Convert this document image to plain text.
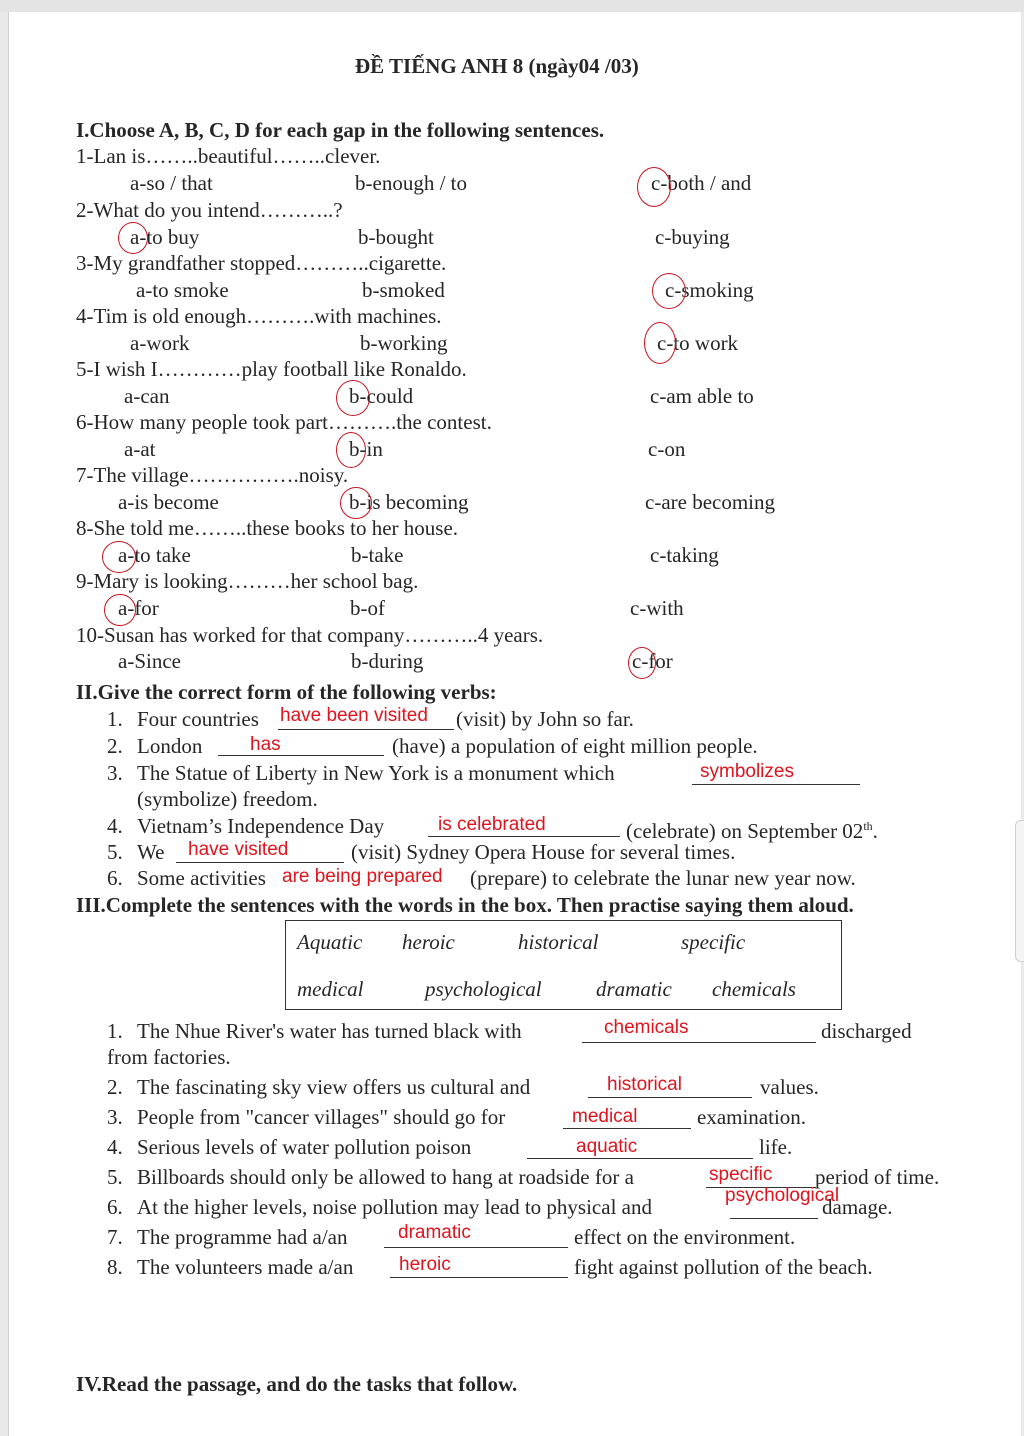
ĐỀ TIẾNG ANH 8 (ngày04 /03)
I.Choose A, B, C, D for each gap in the following sentences.
1-Lan is……..beautiful……..clever.
a-so / that	b-enough / to	c-both / and
2-What do you intend………..?
a-to buy	b-bought	c-buying
3-My grandfather stopped………..cigarette.
a-to smoke	b-smoked	c-smoking
4-Tim is old enough……….with machines.
a-work	b-working	c-to work
5-I wish I…………play football like Ronaldo.
a-can	b-could	c-am able to
6-How many people took part……….the contest.
a-at	b-in	c-on
7-The village…………….noisy.
a-is become	b-is becoming	c-are becoming
8-She told me……..these books to her house.
a-to take	b-take	c-taking
9-Mary is looking………her school bag.
a-for	b-of	c-with
10-Susan has worked for that company………..4 years.
a-Since	b-during	c-for
II.Give the correct form of the following verbs:
1. Four countries have been visited (visit) by John so far.
2. London	has	(have) a population of eight million people.
3. The Statue of Liberty in New York is a monument which	symbolizes
(symbolize) freedom.
4. Vietnam’s Independence Day	is celebrated	(celebrate) on September 02th.
5. We have visited	(visit) Sydney Opera House for several times.
6. Some activities are being prepared (prepare) to celebrate the lunar new year now.
III.Complete the sentences with the words in the box. Then practise saying them aloud.
Aquatic heroic	historical	specific
medical	psychological	dramatic chemicals
1. The Nhue River's water has turned black with	chemicals	discharged
from factories.
2. The fascinating sky view offers us cultural and	historical	values.
3. People from "cancer villages" should go for	medical	examination.
4. Serious levels of water pollution poison	aquatic	life.
5. Billboards should only be allowed to hang at roadside for a	specific period of time.
6. At the higher levels, noise pollution may lead to physical and	psychological
damage.
7. The programme had a/an	dramatic	effect on the environment.
8. The volunteers made a/an heroic	fight against pollution of the beach.
IV.Read the passage, and do the tasks that follow.
